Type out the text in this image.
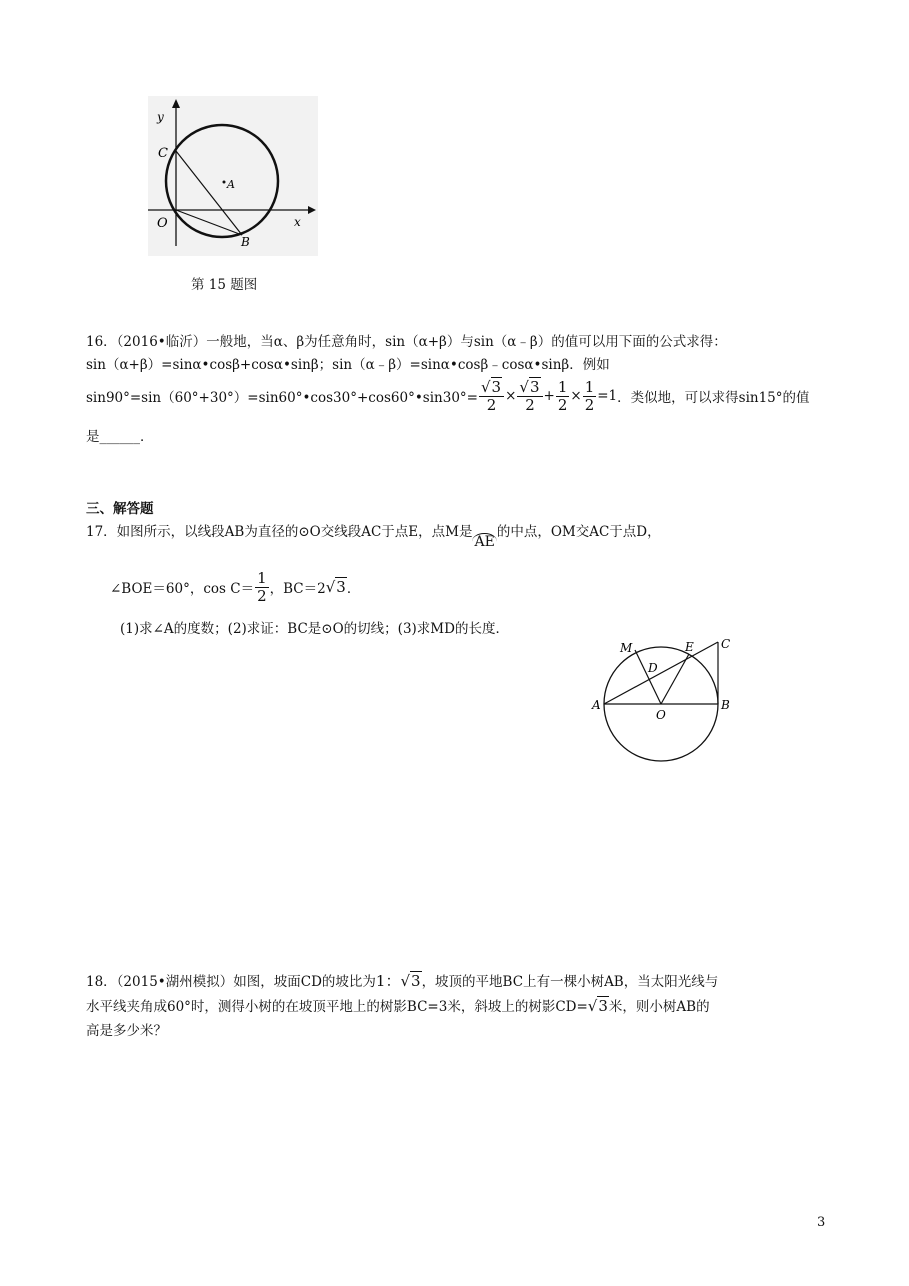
y
x
C
A
O
B
第 15 题图
16．（2016•临沂）一般地，当α、β为任意角时，sin（α+β）与sin（α﹣β）的值可以用下面的公式求得：
sin（α+β）=sinα•cosβ+cosα•sinβ；sin（α﹣β）=sinα•cosβ﹣cosα•sinβ．例如
sin90°=sin（60°+30°）=sin60°•cos30°+cos60°•sin30°= $\frac{√3}{2} \times \frac{√3}{2} + \frac{1}{2} \times \frac{1}{2} =1$ ．类似地，可以求得sin15°的值
是______．
三、解答题
17．如图所示，以线段AB为直径的⊙O交线段AC于点E，点M是AE的中点，OM交AC于点D，
∠BOE＝60°，$\cos C= \frac{1}{2}$ ，BC＝2 √3 ．
(1)求∠A的度数；(2)求证：BC是⊙O的切线；(3)求MD的长度．
M	E C
D
A
O
B
18．（2015•湖州模拟）如图，坡面CD的坡比为1：√3，坡顶的平地BC上有一棵小树AB，当太阳光线与
水平线夹角成60°时，测得小树的在坡顶平地上的树影BC=3米，斜坡上的树影CD=√3米，则小树AB的
高是多少米？
3
